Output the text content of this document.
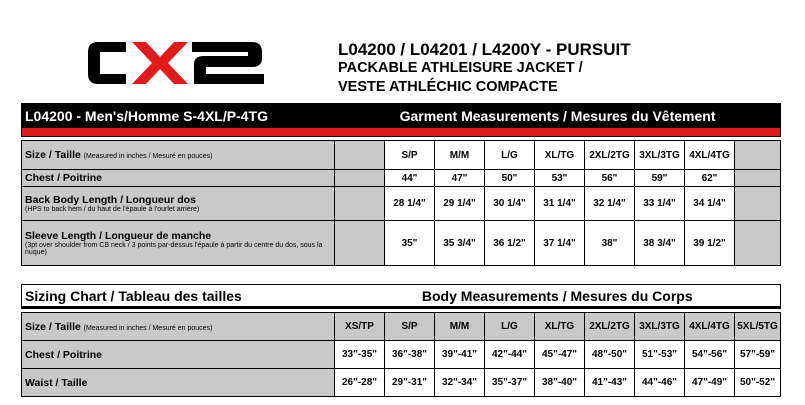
L04200 / L04201 / L4200Y - PURSUIT
PACKABLE ATHLEISURE JACKET /
VESTE ATHLÉCHIC COMPACTE
L04200 - Men's/Homme S-4XL/P-4TG	Garment Measurements / Mesures du Vêtement								

Size / Taille (Measured in inches / Mesuré en pouces)		S/P	M/M	L/G	XL/TG	2XL/2TG	3XL/3TG	4XL/4TG	
Chest / Poitrine		44"	47"	50"	53"	56"	59"	62"	

Back Body Length / Longueur dos
(HPS to back hem / du haut de l'épaule à l'ourlet arrière)		28 1/4"	29 1/4"	30 1/4"	31 1/4"	32 1/4"	33 1/4"	34 1/4"	

Sleeve Length / Longueur de manche
(3pt over shoulder from CB neck / 3 points par-dessus l'épaule à partir du centre du dos, sous la nuque)		35"	35 3/4"	36 1/2"	37 1/4"	38"	38 3/4"	39 1/2"	
Sizing Chart / Tableau des tailles	Body Measurements / Mesures du Corps								

Size / Taille (Measured in inches / Mesuré en pouces)	XS/TP	S/P	M/M	L/G	XL/TG	2XL/2TG	3XL/3TG	4XL/4TG	5XL/5TG
Chest / Poitrine	33"-35"	36"-38"	39"-41"	42"-44"	45"-47"	48"-50"	51"-53"	54"-56"	57"-59"
Waist / Taille	26"-28"	29"-31"	32"-34"	35"-37"	38"-40"	41"-43"	44"-46"	47"-49"	50"-52"
